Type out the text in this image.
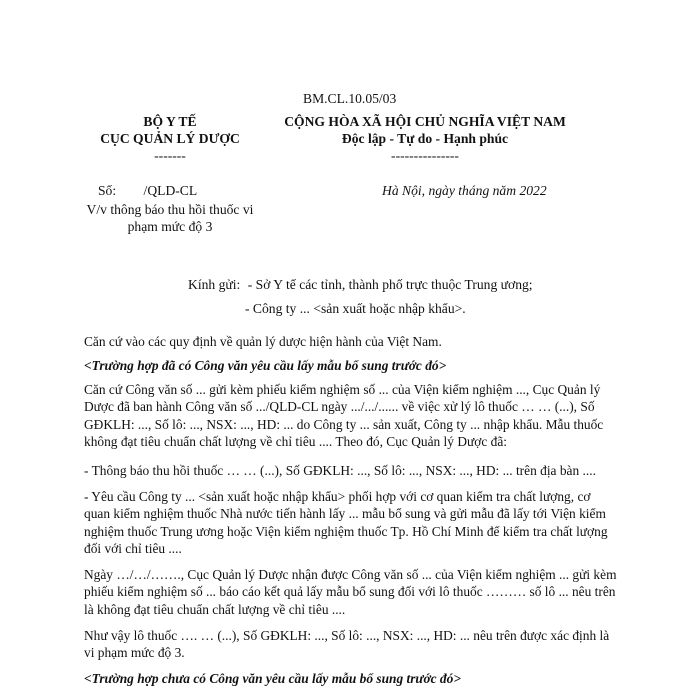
BM.CL.10.05/03
BỘ Y TẾ
CỤC QUẢN LÝ DƯỢC
-------
Số: /QLD-CL
V/v thông báo thu hồi thuốc vi
phạm mức độ 3
CỘNG HÒA XÃ HỘI CHỦ NGHĨA VIỆT NAM
Độc lập - Tự do - Hạnh phúc
---------------
Hà Nội, ngày tháng năm 2022
Kính gửi: - Sở Y tế các tỉnh, thành phố trực thuộc Trung ương;
- Công ty ... <sản xuất hoặc nhập khẩu>.
Căn cứ vào các quy định về quản lý dược hiện hành của Việt Nam.
<Trường hợp đã có Công văn yêu cầu lấy mẫu bổ sung trước đó>
Căn cứ Công văn số ... gửi kèm phiếu kiểm nghiệm số ... của Viện kiểm nghiệm ..., Cục Quản lý Dược đã ban hành Công văn số .../QLD-CL ngày .../.../...... về việc xử lý lô thuốc … … (...), Số GĐKLH: ..., Số lô: ..., NSX: ..., HD: ... do Công ty ... sản xuất, Công ty ... nhập khẩu. Mẫu thuốc không đạt tiêu chuẩn chất lượng về chỉ tiêu .... Theo đó, Cục Quản lý Dược đã:
- Thông báo thu hồi thuốc … … (...), Số GĐKLH: ..., Số lô: ..., NSX: ..., HD: ... trên địa bàn ....
- Yêu cầu Công ty ... <sản xuất hoặc nhập khẩu> phối hợp với cơ quan kiểm tra chất lượng, cơ quan kiểm nghiệm thuốc Nhà nước tiến hành lấy ... mẫu bổ sung và gửi mẫu đã lấy tới Viện kiểm nghiệm thuốc Trung ương hoặc Viện kiểm nghiệm thuốc Tp. Hồ Chí Minh để kiểm tra chất lượng đối với chỉ tiêu ....
Ngày …/…/……., Cục Quản lý Dược nhận được Công văn số ... của Viện kiểm nghiệm ... gửi kèm phiếu kiểm nghiệm số ... báo cáo kết quả lấy mẫu bổ sung đối với lô thuốc ……… số lô ... nêu trên là không đạt tiêu chuẩn chất lượng về chỉ tiêu ....
Như vậy lô thuốc …. … (...), Số GĐKLH: ..., Số lô: ..., NSX: ..., HD: ... nêu trên được xác định là vi phạm mức độ 3.
<Trường hợp chưa có Công văn yêu cầu lấy mẫu bổ sung trước đó>
